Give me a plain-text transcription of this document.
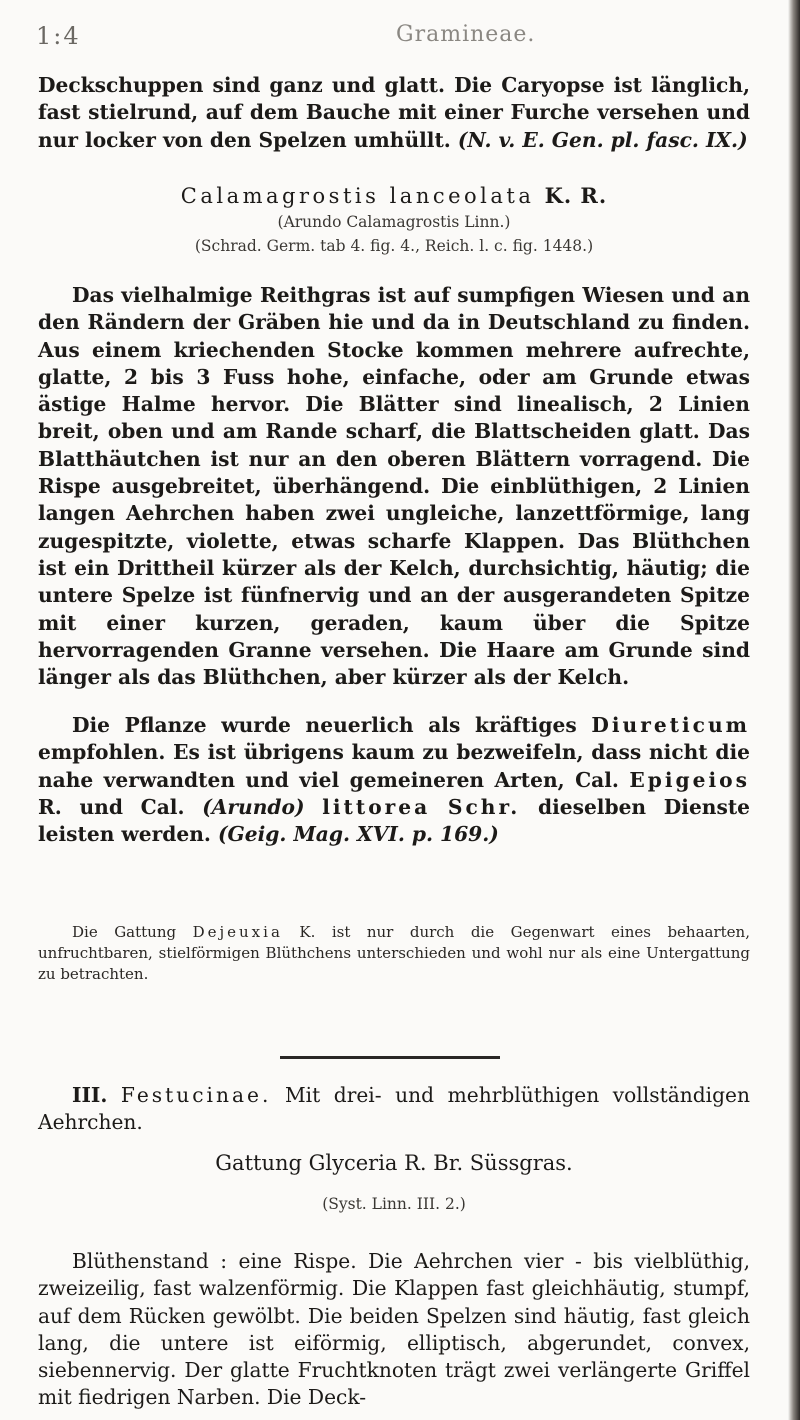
1:4	Gramineae.

Deckschuppen sind ganz und glatt. Die Caryopse ist länglich, fast stielrund, auf dem Bauche mit einer Furche versehen und nur locker von den Spelzen umhüllt. (N. v. E. Gen. pl. fasc. IX.)

Calamagrostis lanceolata K. R.

(Arundo Calamagrostis Linn.)

(Schrad. Germ. tab 4. fig. 4., Reich. l. c. fig. 1448.)

Das vielhalmige Reithgras ist auf sumpfigen Wiesen und an den Rändern der Gräben hie und da in Deutschland zu finden. Aus einem kriechenden Stocke kommen mehrere aufrechte, glatte, 2 bis 3 Fuss hohe, einfache, oder am Grunde etwas ästige Halme hervor. Die Blätter sind linealisch, 2 Linien breit, oben und am Rande scharf, die Blattscheiden glatt. Das Blatthäutchen ist nur an den oberen Blättern vorragend. Die Rispe ausgebreitet, überhängend. Die einblüthigen, 2 Linien langen Aehrchen haben zwei ungleiche, lanzettförmige, lang zugespitzte, violette, etwas scharfe Klappen. Das Blüthchen ist ein Drittheil kürzer als der Kelch, durchsichtig, häutig; die untere Spelze ist fünfnervig und an der ausgerandeten Spitze mit einer kurzen, geraden, kaum über die Spitze hervorragenden Granne versehen. Die Haare am Grunde sind länger als das Blüthchen, aber kürzer als der Kelch.

Die Pflanze wurde neuerlich als kräftiges Diureticum empfohlen. Es ist übrigens kaum zu bezweifeln, dass nicht die nahe verwandten und viel gemeineren Arten, Cal. Epigeios R. und Cal. (Arundo) littorea Schr. dieselben Dienste leisten werden. (Geig. Mag. XVI. p. 169.)

Die Gattung Dejeuxia K. ist nur durch die Gegenwart eines behaarten, unfruchtbaren, stielförmigen Blüthchens unterschieden und wohl nur als eine Untergattung zu betrachten.

III. Festucinae. Mit drei- und mehrblüthigen vollständigen Aehrchen.

Gattung Glyceria R. Br. Süssgras.

(Syst. Linn. III. 2.)

Blüthenstand : eine Rispe. Die Aehrchen vier - bis vielblüthig, zweizeilig, fast walzenförmig. Die Klappen fast gleichhäutig, stumpf, auf dem Rücken gewölbt. Die beiden Spelzen sind häutig, fast gleich lang, die untere ist eiförmig, elliptisch, abgerundet, convex, siebennervig. Der glatte Fruchtknoten trägt zwei verlängerte Griffel mit fiedrigen Narben. Die Deck-
